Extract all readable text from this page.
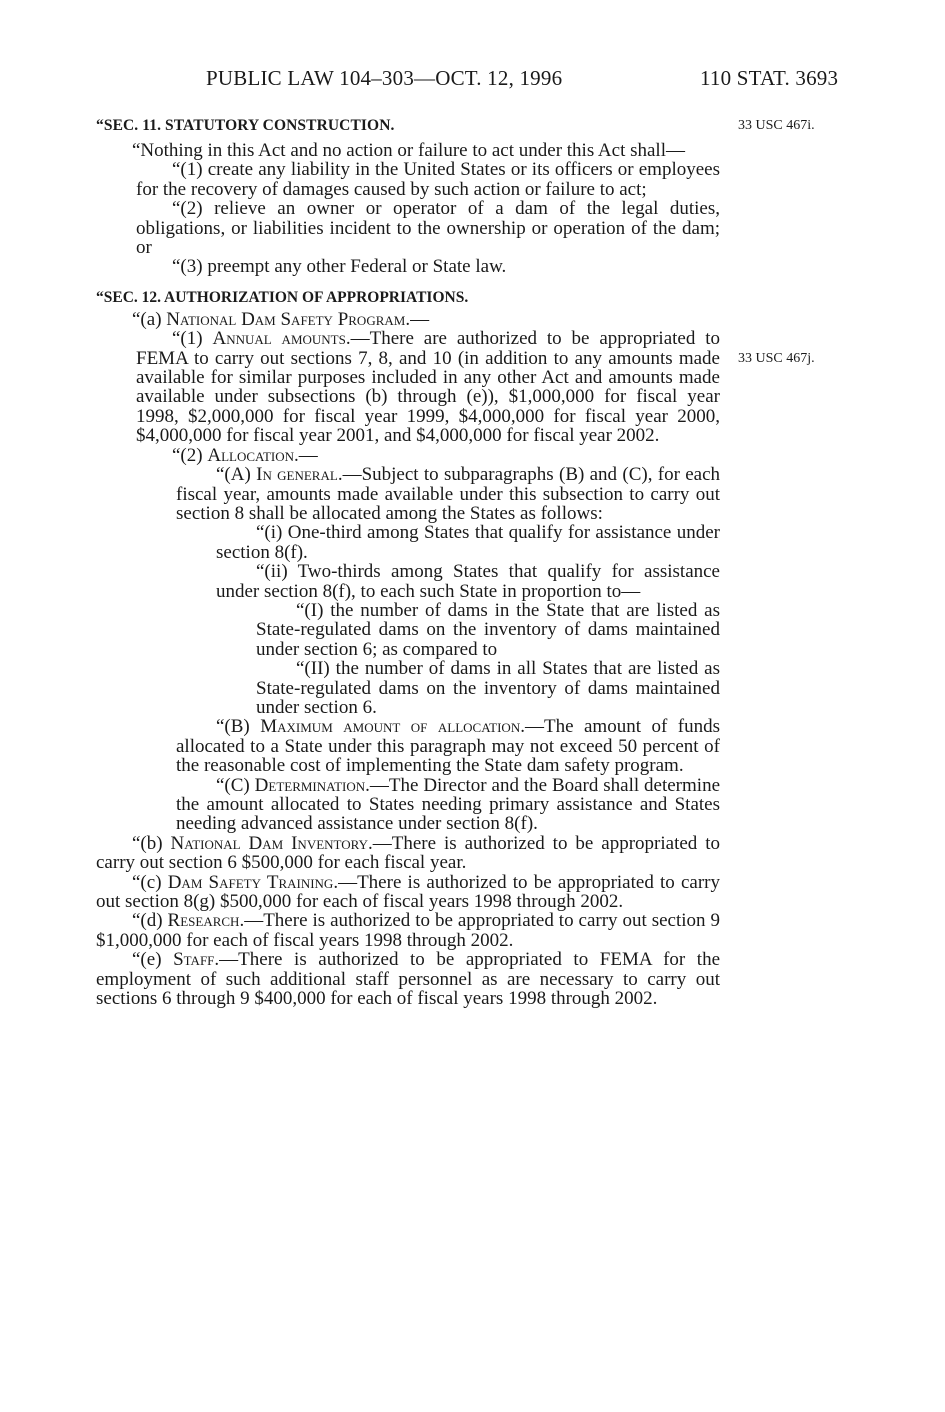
PUBLIC LAW 104–303—OCT. 12, 1996	110 STAT. 3693
33 USC 467i.
33 USC 467j.
“SEC. 11. STATUTORY CONSTRUCTION.

“Nothing in this Act and no action or failure to act under this Act shall—

“(1) create any liability in the United States or its officers or employees for the recovery of damages caused by such action or failure to act;

“(2) relieve an owner or operator of a dam of the legal duties, obligations, or liabilities incident to the ownership or operation of the dam; or

“(3) preempt any other Federal or State law.

“SEC. 12. AUTHORIZATION OF APPROPRIATIONS.

“(a) National Dam Safety Program.—

“(1) Annual amounts.—There are authorized to be appropriated to FEMA to carry out sections 7, 8, and 10 (in addition to any amounts made available for similar purposes included in any other Act and amounts made available under subsections (b) through (e)), $1,000,000 for fiscal year 1998, $2,000,000 for fiscal year 1999, $4,000,000 for fiscal year 2000, $4,000,000 for fiscal year 2001, and $4,000,000 for fiscal year 2002.

“(2) Allocation.—

“(A) In general.—Subject to subparagraphs (B) and (C), for each fiscal year, amounts made available under this subsection to carry out section 8 shall be allocated among the States as follows:

“(i) One-third among States that qualify for assistance under section 8(f).

“(ii) Two-thirds among States that qualify for assistance under section 8(f), to each such State in proportion to—

“(I) the number of dams in the State that are listed as State-regulated dams on the inventory of dams maintained under section 6; as compared to

“(II) the number of dams in all States that are listed as State-regulated dams on the inventory of dams maintained under section 6.

“(B) Maximum amount of allocation.—The amount of funds allocated to a State under this paragraph may not exceed 50 percent of the reasonable cost of implementing the State dam safety program.

“(C) Determination.—The Director and the Board shall determine the amount allocated to States needing primary assistance and States needing advanced assistance under section 8(f).

“(b) National Dam Inventory.—There is authorized to be appropriated to carry out section 6 $500,000 for each fiscal year.

“(c) Dam Safety Training.—There is authorized to be appropriated to carry out section 8(g) $500,000 for each of fiscal years 1998 through 2002.

“(d) Research.—There is authorized to be appropriated to carry out section 9 $1,000,000 for each of fiscal years 1998 through 2002.

“(e) Staff.—There is authorized to be appropriated to FEMA for the employment of such additional staff personnel as are necessary to carry out sections 6 through 9 $400,000 for each of fiscal years 1998 through 2002.
